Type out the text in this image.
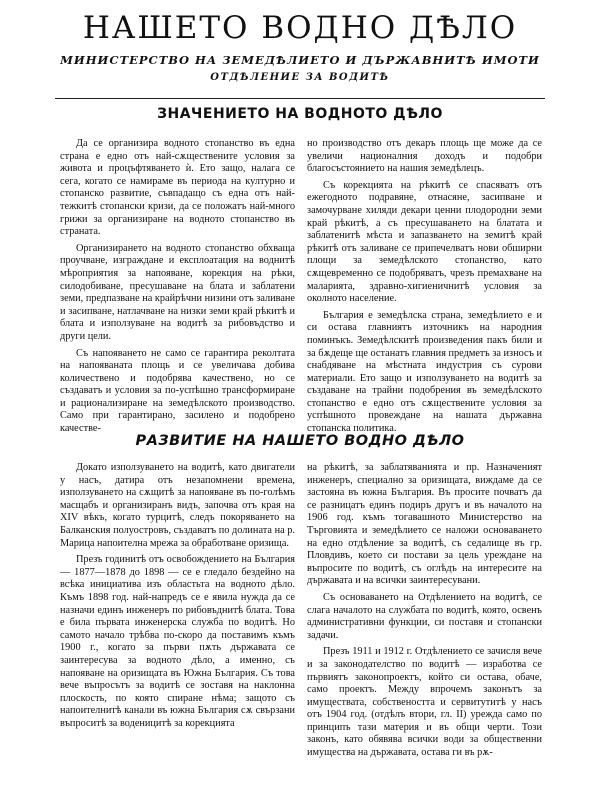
НАШЕТО ВОДНО ДѢЛО
МИНИСТЕРСТВО НА ЗЕМЕДѢЛИЕТО И ДЪРЖАВНИТѢ ИМОТИ
ОТДѢЛЕНИЕ ЗА ВОДИТѢ
ЗНАЧЕНИЕТО НА ВОДНОТО ДѢЛО

Да се организира водното стопанство въ една страна е едно отъ най-сѫществените условия за живота и процъфтяването ѝ. Ето защо, налага се сега, когато се намираме въ периода на културно и стопанско развитие, съвпадащо съ една отъ най-тежкитѣ стопански кризи, да се положатъ най-много грижи за организиране на водното стопанство въ страната.

Организирането на водното стопанство обхваща проучване, изграждане и експлоатация на воднитѣ мѣроприятия за напояване, корекция на рѣки, силодобиване, пресушаване на блата и заблатени земи, предпазване на крайрѣчни низини отъ заливане и засипване, натлачване на низки земи край рѣкитѣ и блата и използуване на водитѣ за рибовъдство и други цели.

Съ напояването не само се гарантира реколтата на напояваната площь и се увеличава добива количествено и подобрява качествено, но се създаватъ и условия за по-успѣшно трансформиране и рационализиране на земедѣлското производство. Само при гарантирано, засилено и подобрено качестве-

но производство отъ декаръ площь ще може да се увеличи националния доходъ и подобри благосъстоянието на нашия земедѣлецъ.

Съ корекцията на рѣкитѣ се спасяватъ отъ ежегодното подравяне, отнасяне, засипване и замочурване хиляди декари ценни плодородни земи край рѣкитѣ, а съ пресушаването на блатата и заблатенитѣ мѣста и запазването на земитѣ край рѣкитѣ отъ заливане се припечелватъ нови обширни площи за земедѣлското стопанство, като сѫщевременно се подобряватъ, чрезъ премахване на маларията, здравно-хигиеничнитѣ условия за околното население.

България е земедѣлска страна, земедѣлието е и си остава главниятъ източникъ на народния поминъкъ. Земедѣлскитѣ произведения пакъ били и за бѫдеще ще останатъ главния предметъ за износъ и снабдяване на мѣстната индустрия съ сурови материали. Ето защо и използуването на водитѣ за създаване на трайни подобрения въ земедѣлското стопанство е едно отъ сѫществените условия за успѣшното провеждане на нашата държавна стопанска политика.

РАЗВИТИЕ НА НАШЕТО ВОДНО ДѢЛО

Докато използуването на водитѣ, като двигатели у насъ, датира отъ незапомнени времена, използуването на сѫщитѣ за напояване въ по-голѣмъ масщабъ и организиранъ видъ, започва отъ края на XIV вѣкъ, когато турцитѣ, следъ покоряването на Балканския полуостровъ, създаватъ по долината на р. Марица напоителна мрежа за обработване оризища.

Презъ годинитѣ отъ освобождението на България — 1877—1878 до 1898 — се е гледало бездейно на всѣка инициатива изъ областьта на водното дѣло. Къмъ 1898 год. най-напредъ се е явила нужда да се назначи единъ инженеръ по рибовъднитѣ блата. Това е била първата инженерска служба по водитѣ. Но самото начало трѣбва по-скоро да поставимъ къмъ 1900 г., когато за първи пѫть държавата се заинтересува за водното дѣло, а именно, съ напояване на оризищата въ Южна България. Съ това вече въпросътъ за водитѣ се зоставя на наклонна плоскость, по която спиране нѣма; защото съ напоителнитѣ канали въ южна България сѫ свързани въпроситѣ за воденицитѣ за корекцията

на рѣкитѣ, за заблатяванията и пр. Назначеният инженеръ, специално за оризищата, виждаме да се застояна въ южна България. Въ просите почватъ да се разницатъ единъ подиръ другъ и въ началото на 1906 год. къмъ тогавашното Министерство на Търговията и земедѣлието се наложи основаването на едно отдѣление за водитѣ, съ седалище въ гр. Пловдивъ, което си постави за цель уреждане на въпросите по водитѣ, съ оглѣдъ на интересите на държавата и на всички заинтересувани.

Съ основаването на Отдѣлението на водитѣ, се слага началото на службата по водитѣ, която, освенъ административни функции, си поставя и стопански задачи.

Презъ 1911 и 1912 г. Отдѣлението се зачисля вече и за законодателство по водитѣ — изработва се първиятъ законопроектъ, който си остава, обаче, само проектъ. Между впрочемъ законътъ за имуществата, собствеността и сервитутитѣ у насъ отъ 1904 год. (отдѣлъ втори, гл. II) урежда само по принципъ тази материя и въ общи черти. Този законъ, като обявява всички води за общественни имущества на държавата, остава ги въ рѫ-
